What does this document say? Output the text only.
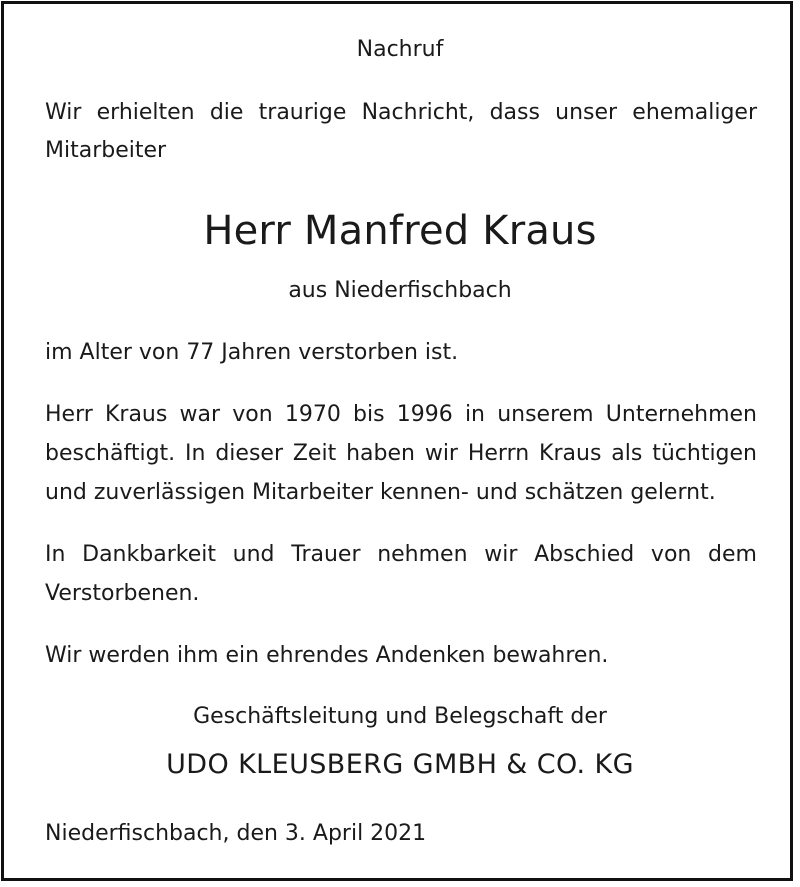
Nachruf
Wir erhielten die traurige Nachricht, dass unser ehemaliger
Mitarbeiter
Herr Manfred Kraus
aus Niederfischbach
im Alter von 77 Jahren verstorben ist.
Herr Kraus war von 1970 bis 1996 in unserem Unternehmen
beschäftigt. In dieser Zeit haben wir Herrn Kraus als tüchtigen
und zuverlässigen Mitarbeiter kennen- und schätzen gelernt.
In Dankbarkeit und Trauer nehmen wir Abschied von dem
Verstorbenen.
Wir werden ihm ein ehrendes Andenken bewahren.
Geschäftsleitung und Belegschaft der
UDO KLEUSBERG GMBH & CO. KG
Niederfischbach, den 3. April 2021
